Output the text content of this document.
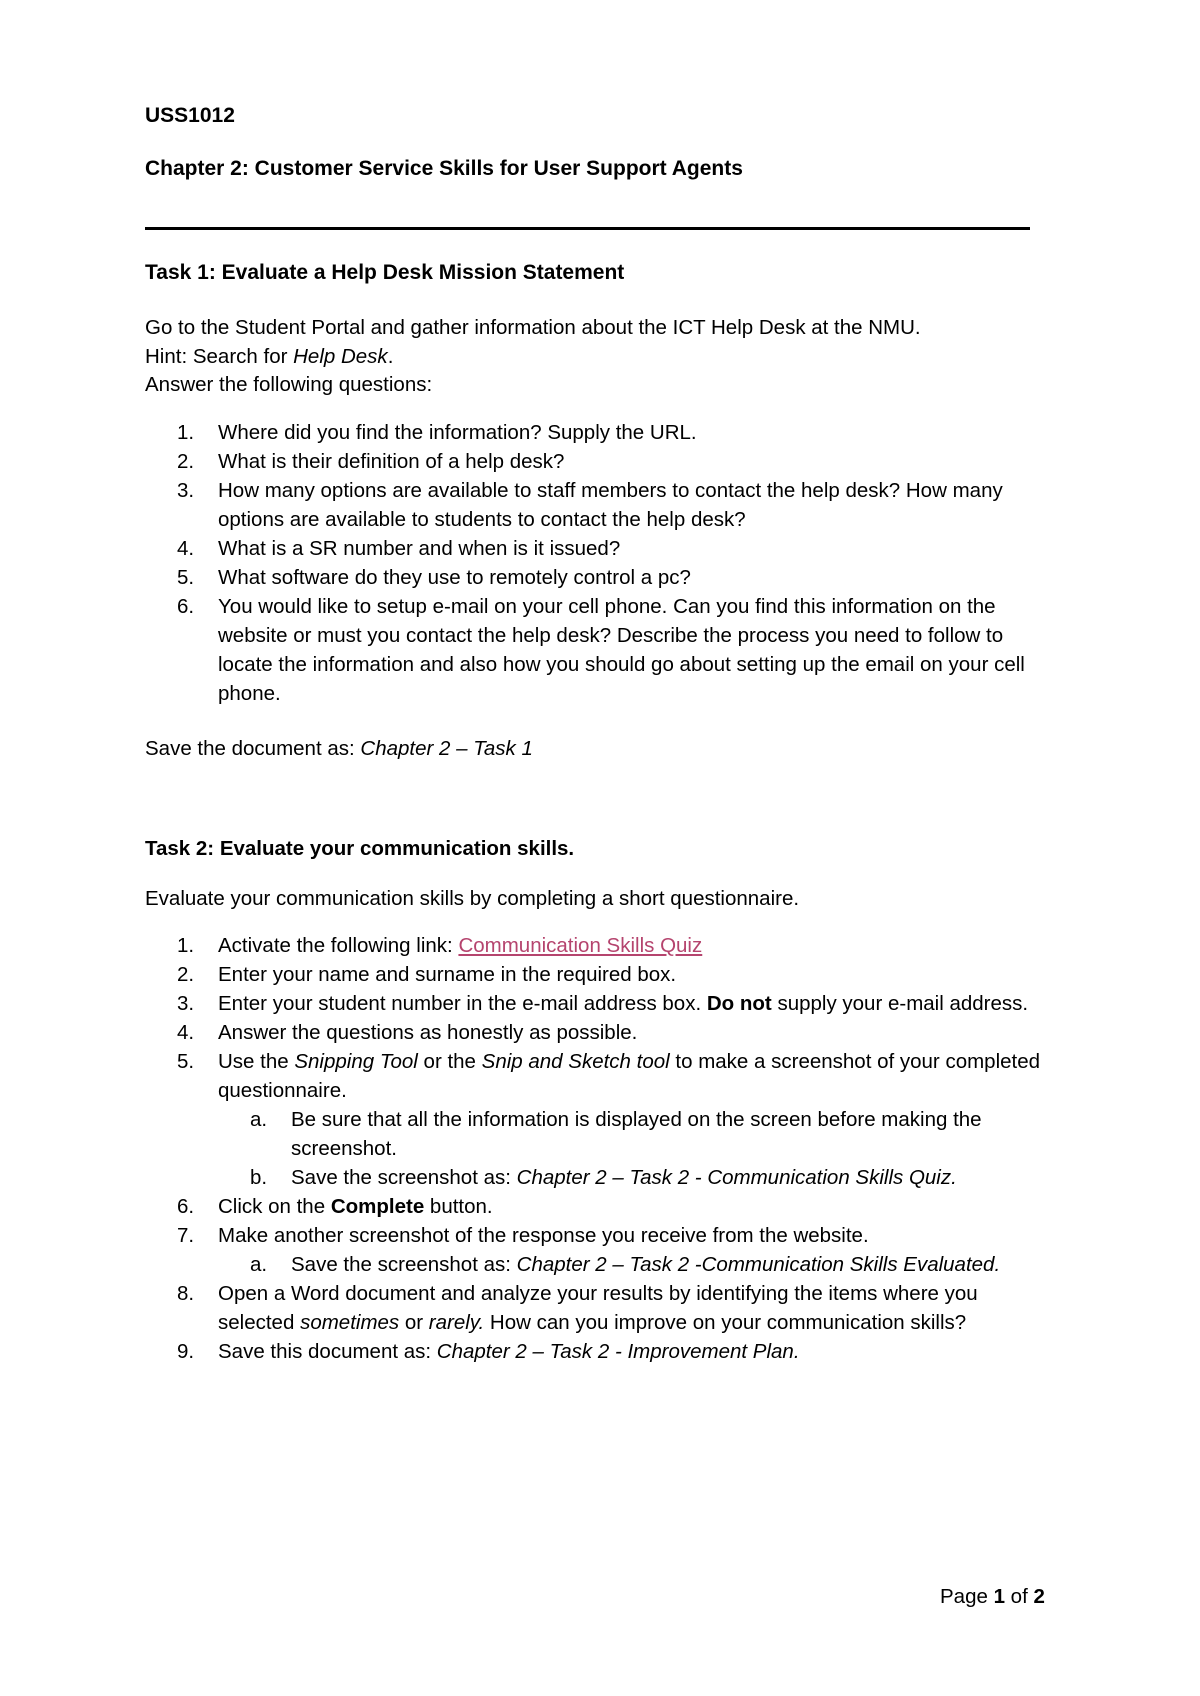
USS1012
Chapter 2: Customer Service Skills for User Support Agents
Task 1: Evaluate a Help Desk Mission Statement
Go to the Student Portal and gather information about the ICT Help Desk at the NMU.
Hint: Search for Help Desk.
Answer the following questions:
1.	Where did you find the information? Supply the URL.
2.	What is their definition of a help desk?
3.	How many options are available to staff members to contact the help desk? How many options are available to students to contact the help desk?
4.	What is a SR number and when is it issued?
5.	What software do they use to remotely control a pc?
6.	You would like to setup e-mail on your cell phone. Can you find this information on the website or must you contact the help desk? Describe the process you need to follow to locate the information and also how you should go about setting up the email on your cell phone.
Save the document as: Chapter 2 – Task 1
Task 2: Evaluate your communication skills.
Evaluate your communication skills by completing a short questionnaire.
1.	Activate the following link: Communication Skills Quiz
2.	Enter your name and surname in the required box.
3.	Enter your student number in the e-mail address box. Do not supply your e-mail address.
4.	Answer the questions as honestly as possible.
5.	Use the Snipping Tool or the Snip and Sketch tool to make a screenshot of your completed questionnaire.
a.	Be sure that all the information is displayed on the screen before making the screenshot.
b.	Save the screenshot as: Chapter 2 – Task 2 - Communication Skills Quiz.
6.	Click on the Complete button.
7.	Make another screenshot of the response you receive from the website.
a.	Save the screenshot as: Chapter 2 – Task 2 -Communication Skills Evaluated.
8.	Open a Word document and analyze your results by identifying the items where you selected sometimes or rarely. How can you improve on your communication skills?
9.	Save this document as: Chapter 2 – Task 2 - Improvement Plan.
Page 1 of 2
